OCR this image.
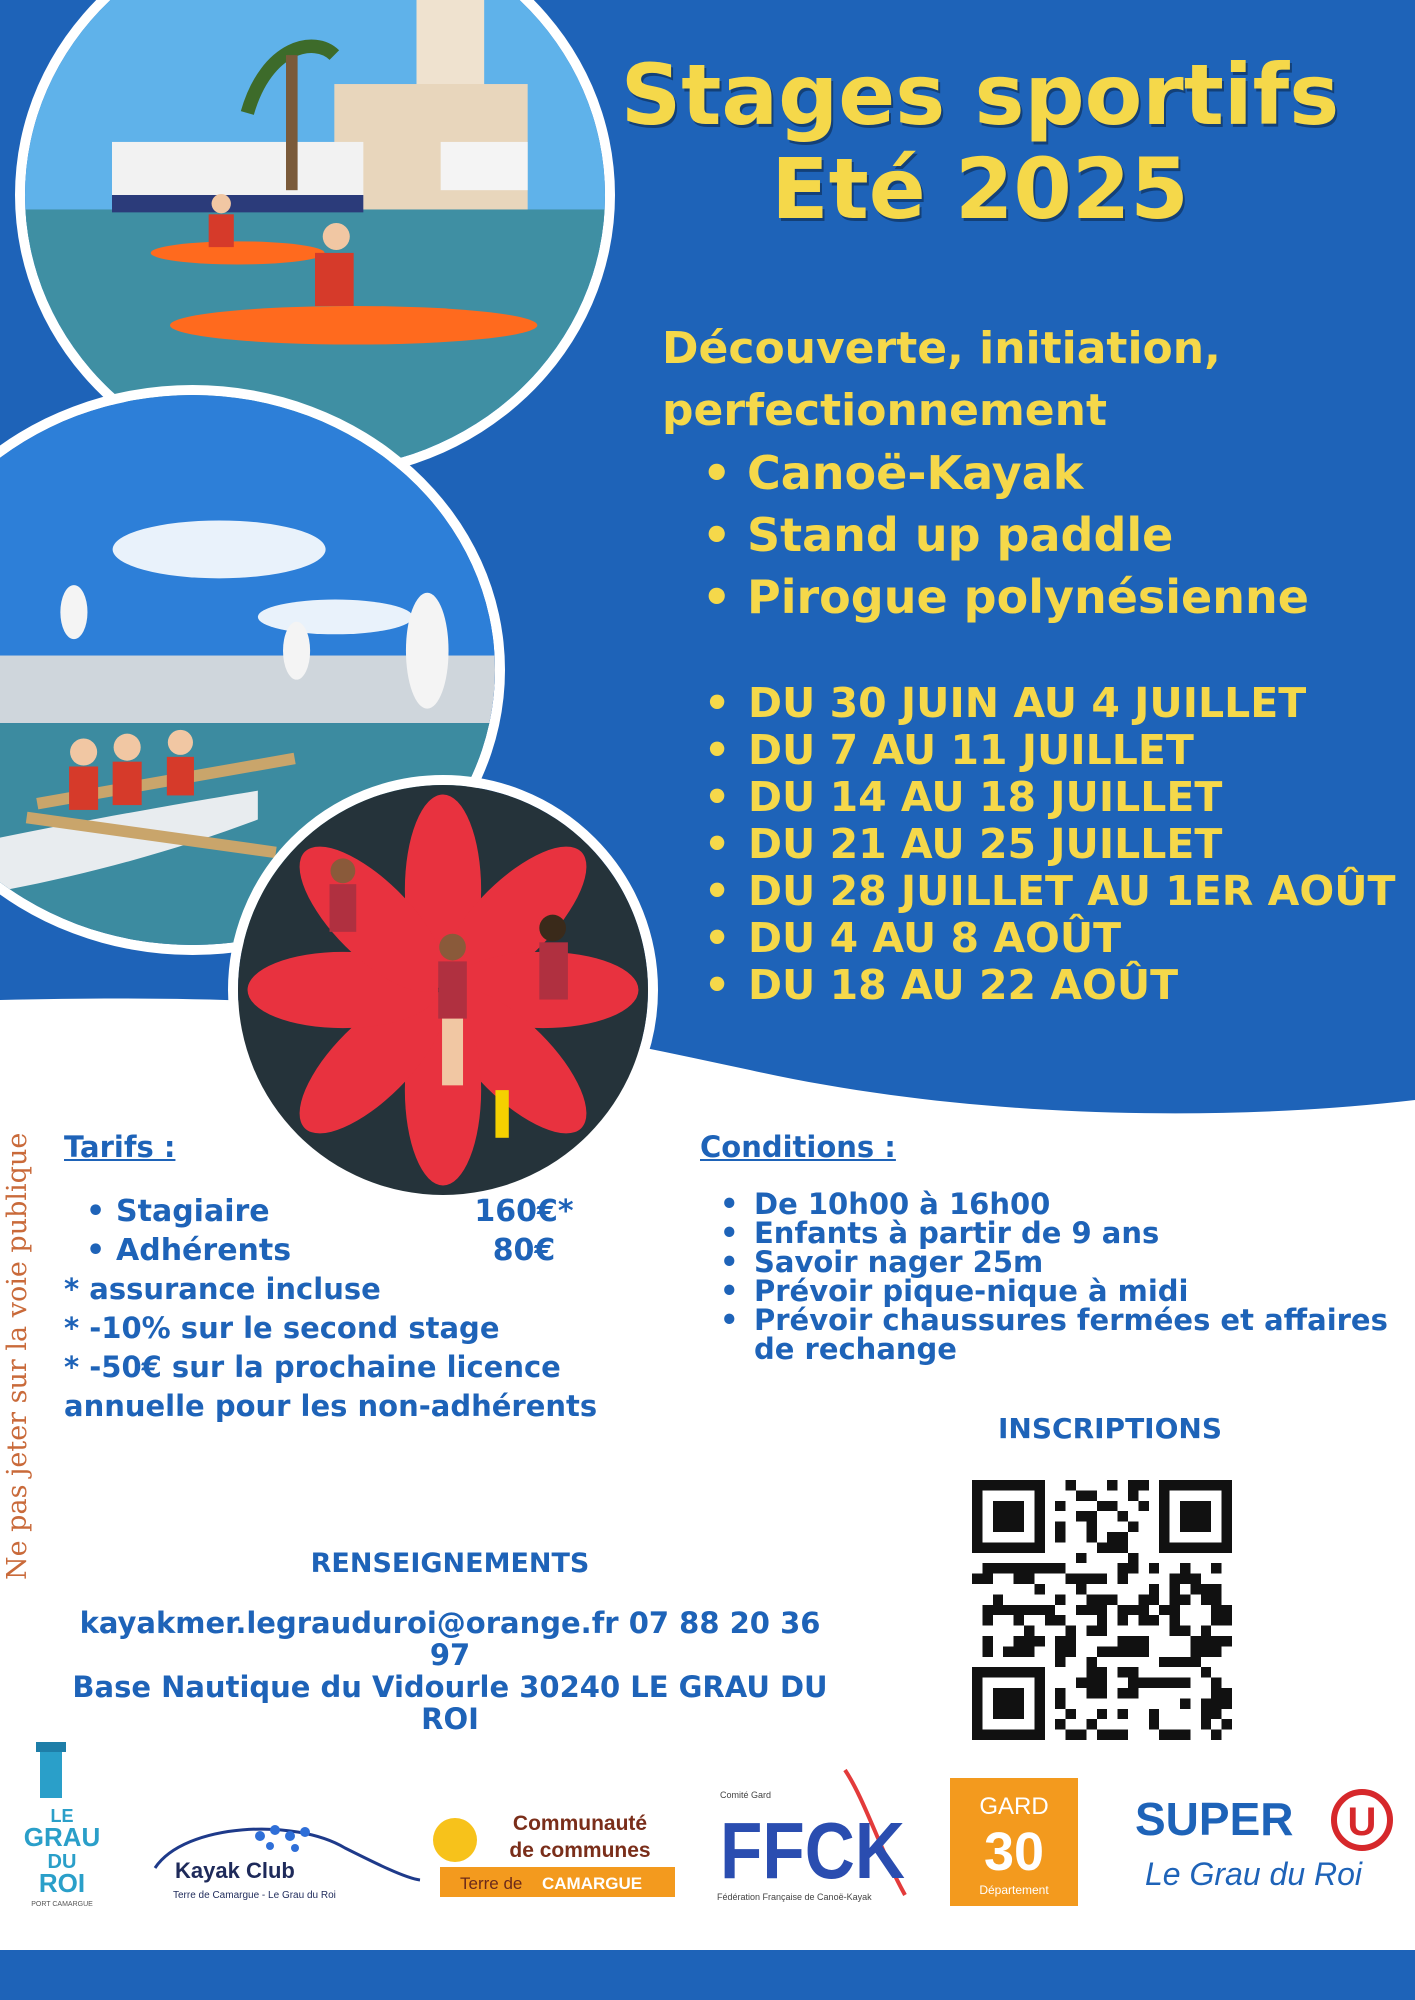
Stages sportifs
Eté 2025
Découverte, initiation,
perfectionnement
• Canoë-Kayak
• Stand up paddle
• Pirogue polynésienne
• DU 30 JUIN AU 4 JUILLET
• DU 7 AU 11 JUILLET
• DU 14 AU 18 JUILLET
• DU 21 AU 25 JUILLET
• DU 28 JUILLET AU 1ER AOÛT
• DU 4 AU 8 AOÛT
• DU 18 AU 22 AOÛT
Ne pas jeter sur la voie publique Tarifs :
• Stagiaire	160€*
• Adhérents	80€
* assurance incluse
* -10% sur le second stage
* -50€ sur la prochaine licence
annuelle pour les non-adhérents
Conditions :
• De 10h00 à 16h00
• Enfants à partir de 9 ans
• Savoir nager 25m
• Prévoir pique-nique à midi
• Prévoir chaussures fermées et affaires de rechange
INSCRIPTIONS
RENSEIGNEMENTS
kayakmer.legrauduroi@orange.fr 07 88 20 36 97
Base Nautique du Vidourle 30240 LE GRAU DU ROI
LE
GRAU
DU
ROI
PORT CAMARGUE
Kayak Club
Terre de Camargue - Le Grau du Roi
Communauté
de communes
Terre de CAMARGUE
Comité Gard
FFCK
Fédération Française de Canoë-Kayak
GARD
30
Département
SUPER U
Le Grau du Roi
